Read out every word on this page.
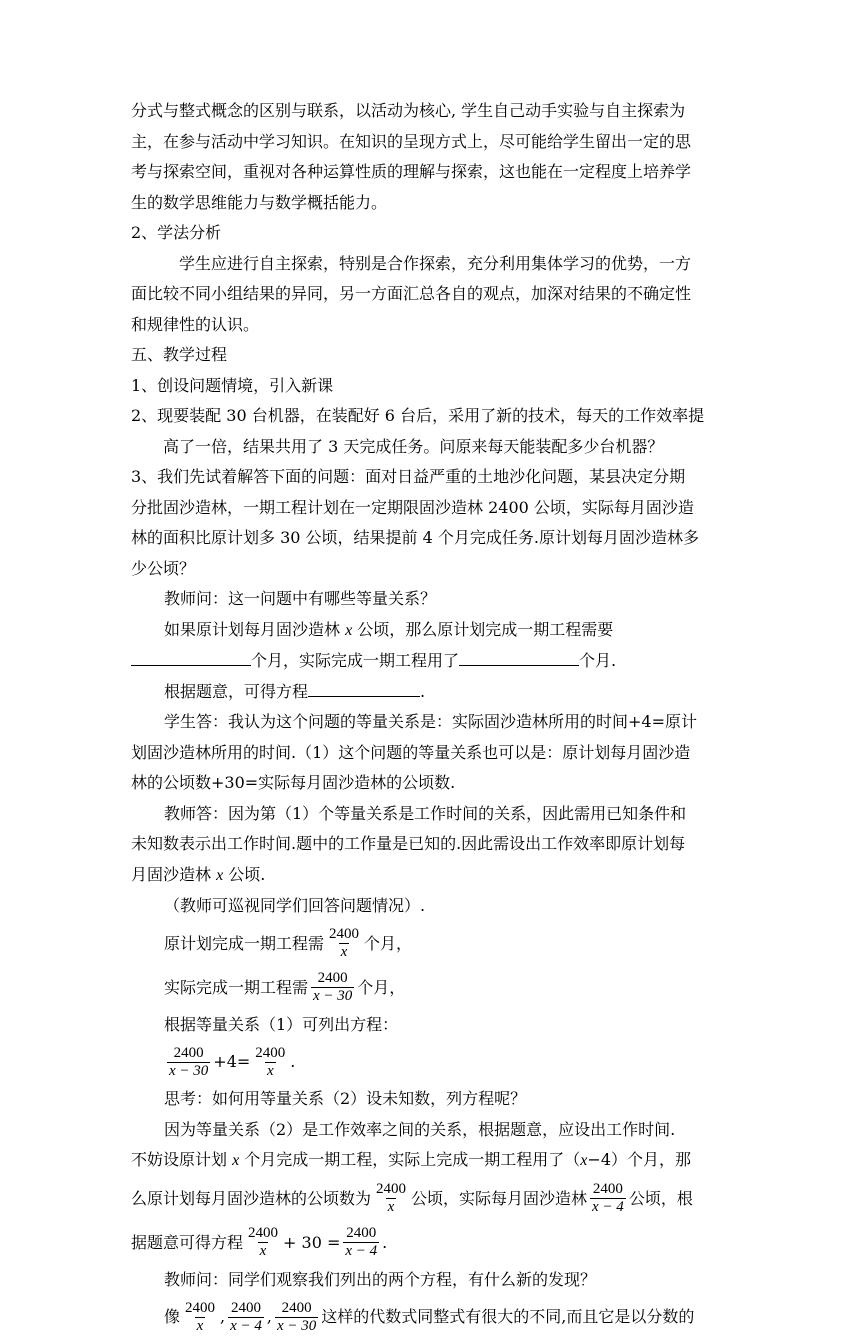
分式与整式概念的区别与联系，以活动为核心, 学生自己动手实验与自主探索为

主，在参与活动中学习知识。在知识的呈现方式上，尽可能给学生留出一定的思

考与探索空间，重视对各种运算性质的理解与探索，这也能在一定程度上培养学

生的数学思维能力与数学概括能力。

2、学法分析

学生应进行自主探索，特别是合作探索，充分利用集体学习的优势，一方

面比较不同小组结果的异同，另一方面汇总各自的观点，加深对结果的不确定性

和规律性的认识。

五、教学过程

1、创设问题情境，引入新课

2、现要装配 30 台机器，在装配好 6 台后，采用了新的技术，每天的工作效率提

高了一倍，结果共用了 3 天完成任务。问原来每天能装配多少台机器？

3、我们先试着解答下面的问题：面对日益严重的土地沙化问题，某县决定分期

分批固沙造林，一期工程计划在一定期限固沙造林 2400 公顷，实际每月固沙造

林的面积比原计划多 30 公顷，结果提前 4 个月完成任务.原计划每月固沙造林多

少公顷？

教师问：这一问题中有哪些等量关系？

如果原计划每月固沙造林 x 公顷，那么原计划完成一期工程需要

个月，实际完成一期工程用了	个月.

根据题意，可得方程	.

学生答：我认为这个问题的等量关系是：实际固沙造林所用的时间+4=原计

划固沙造林所用的时间.（1）这个问题的等量关系也可以是：原计划每月固沙造

林的公顷数+30=实际每月固沙造林的公顷数.

教师答：因为第（1）个等量关系是工作时间的关系，因此需用已知条件和

未知数表示出工作时间.题中的工作量是已知的.因此需设出工作效率即原计划每

月固沙造林 x 公顷.

（教师可巡视同学们回答问题情况）.

原计划完成一期工程需 $\frac{2400}{x}$ 个月，
实际完成一期工程需 $\frac{2400}{x - 30}$ 个月，

根据等量关系（1）可列出方程：

$\frac{2400}{x - 30} +4= \frac{2400}{x}$ .

思考：如何用等量关系（2）设未知数，列方程呢？

因为等量关系（2）是工作效率之间的关系，根据题意，应设出工作时间.

不妨设原计划 x 个月完成一期工程，实际上完成一期工程用了（x−4）个月，那

么原计划每月固沙造林的公顷数为 $\frac{2400}{x}$ 公顷，实际每月固沙造林 $\frac{2400}{x - 4}$ 公顷，根
据题意可得方程 $\frac{2400}{x} + 30 = \frac{2400}{x - 4}$ .

教师问：同学们观察我们列出的两个方程，有什么新的发现？

像 $\frac{2400}{x}$ , $\frac{2400}{x - 4}$ , $\frac{2400}{x - 30}$ 这样的代数式同整式有很大的不同,而且它是以分数的
